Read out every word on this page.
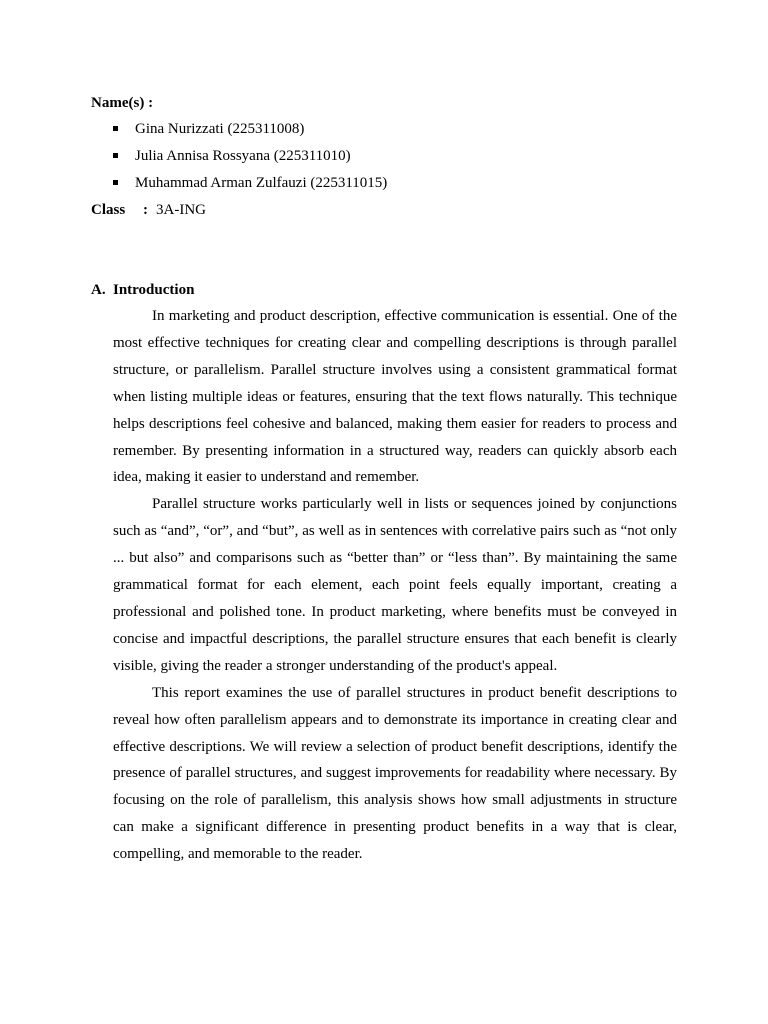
Name(s) :
Gina Nurizzati (225311008)
Julia Annisa Rossyana (225311010)
Muhammad Arman Zulfauzi (225311015)
Class : 3A-ING
A. Introduction

In marketing and product description, effective communication is essential. One of the most effective techniques for creating clear and compelling descriptions is through parallel structure, or parallelism. Parallel structure involves using a consistent grammatical format when listing multiple ideas or features, ensuring that the text flows naturally. This technique helps descriptions feel cohesive and balanced, making them easier for readers to process and remember. By presenting information in a structured way, readers can quickly absorb each idea, making it easier to understand and remember.

Parallel structure works particularly well in lists or sequences joined by conjunctions such as “and”, “or”, and “but”, as well as in sentences with correlative pairs such as “not only ... but also” and comparisons such as “better than” or “less than”. By maintaining the same grammatical format for each element, each point feels equally important, creating a professional and polished tone. In product marketing, where benefits must be conveyed in concise and impactful descriptions, the parallel structure ensures that each benefit is clearly visible, giving the reader a stronger understanding of the product's appeal.

This report examines the use of parallel structures in product benefit descriptions to reveal how often parallelism appears and to demonstrate its importance in creating clear and effective descriptions. We will review a selection of product benefit descriptions, identify the presence of parallel structures, and suggest improvements for readability where necessary. By focusing on the role of parallelism, this analysis shows how small adjustments in structure can make a significant difference in presenting product benefits in a way that is clear, compelling, and memorable to the reader.
